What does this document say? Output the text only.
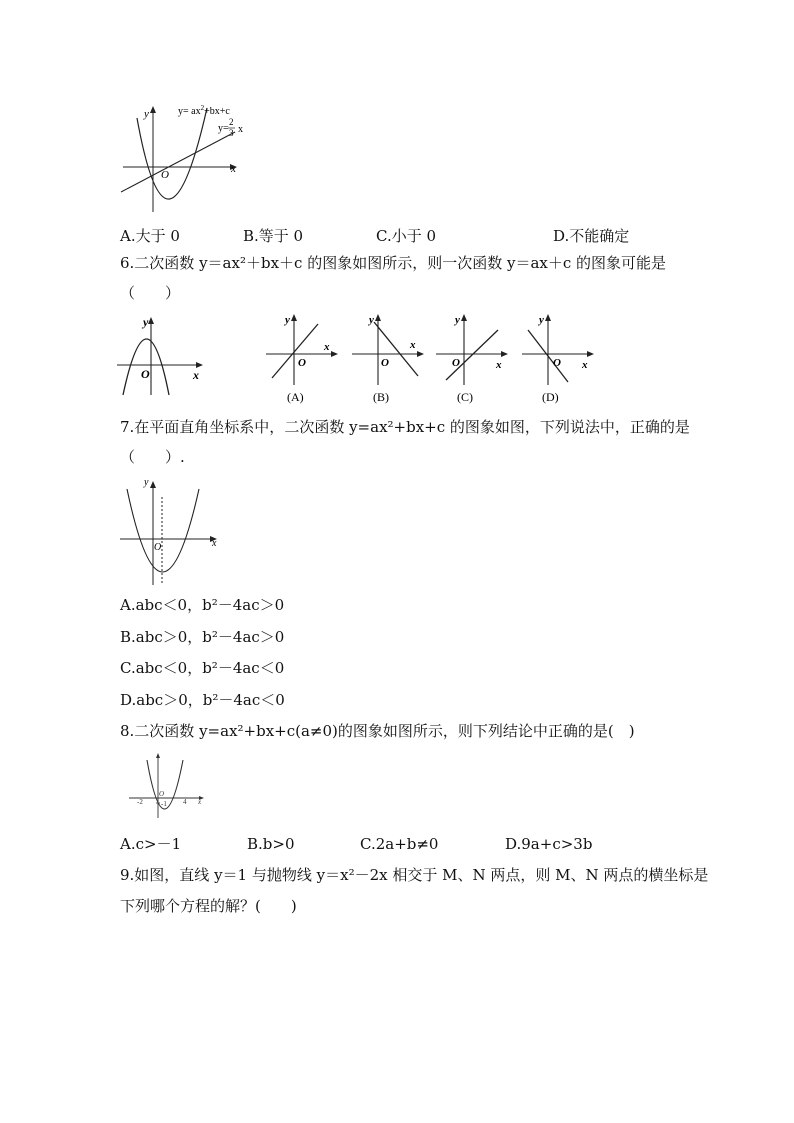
y
x
O
$y= ax^2+bx+c$
y=
2
3 x
A.大于 0	B.等于 0	C.小于 0	D.不能确定
6.二次函数 y＝ax²＋bx＋c 的图象如图所示，则一次函数 y＝ax＋c 的图象可能是
（　　）
y
x
O
y
x
O
(A)
y
x
O
(B)
y
x
O
(C)
y
x
O
(D)
7.在平面直角坐标系中，二次函数 y=ax²+bx+c 的图象如图，下列说法中，正确的是
（　　）.
y
x
O
A.abc＜0，b²－4ac＞0
B.abc＞0，b²－4ac＞0
C.abc＜0，b²－4ac＜0
D.abc＞0，b²－4ac＜0
8.二次函数 y=ax²+bx+c(a≠0)的图象如图所示，则下列结论中正确的是(　)
O
-2	-1 4 x
A.c>－1	B.b>0	C.2a+b≠0	D.9a+c>3b
9.如图，直线 y＝1 与抛物线 y＝x²－2x 相交于 M、N 两点，则 M、N 两点的横坐标是
下列哪个方程的解？(　　)
